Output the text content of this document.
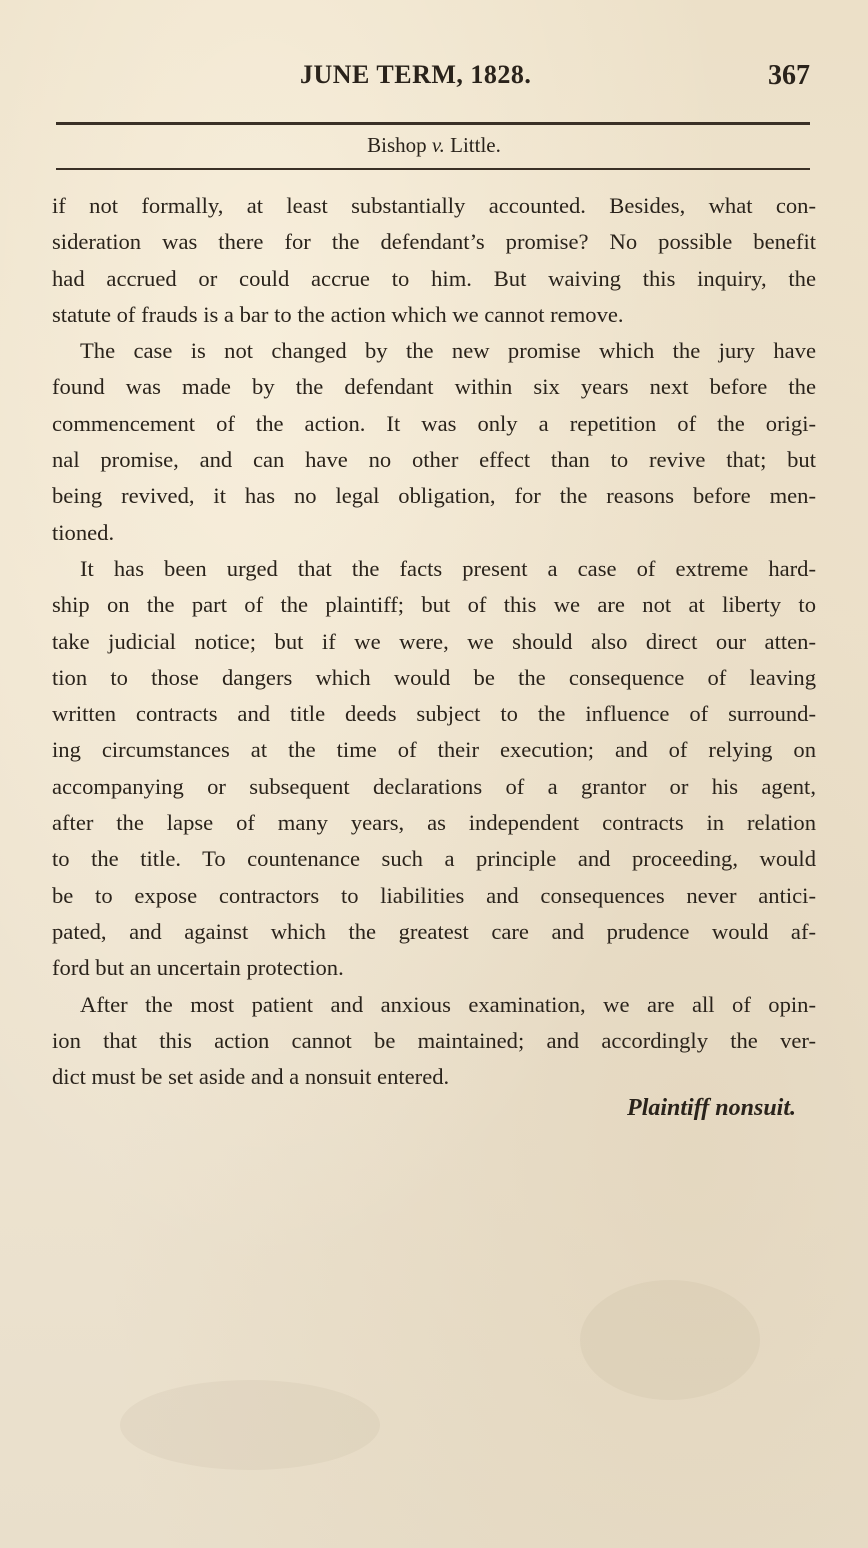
JUNE TERM, 1828.	367
Bishop v. Little.
if not formally, at least substantially accounted. Besides, what con-
sideration was there for the defendant’s promise? No possible benefit
had accrued or could accrue to him. But waiving this inquiry, the
statute of frauds is a bar to the action which we cannot remove.
The case is not changed by the new promise which the jury have
found was made by the defendant within six years next before the
commencement of the action. It was only a repetition of the origi-
nal promise, and can have no other effect than to revive that; but
being revived, it has no legal obligation, for the reasons before men-
tioned.
It has been urged that the facts present a case of extreme hard-
ship on the part of the plaintiff; but of this we are not at liberty to
take judicial notice; but if we were, we should also direct our atten-
tion to those dangers which would be the consequence of leaving
written contracts and title deeds subject to the influence of surround-
ing circumstances at the time of their execution; and of relying on
accompanying or subsequent declarations of a grantor or his agent,
after the lapse of many years, as independent contracts in relation
to the title. To countenance such a principle and proceeding, would
be to expose contractors to liabilities and consequences never antici-
pated, and against which the greatest care and prudence would af-
ford but an uncertain protection.
After the most patient and anxious examination, we are all of opin-
ion that this action cannot be maintained; and accordingly the ver-
dict must be set aside and a nonsuit entered.
Plaintiff nonsuit.
